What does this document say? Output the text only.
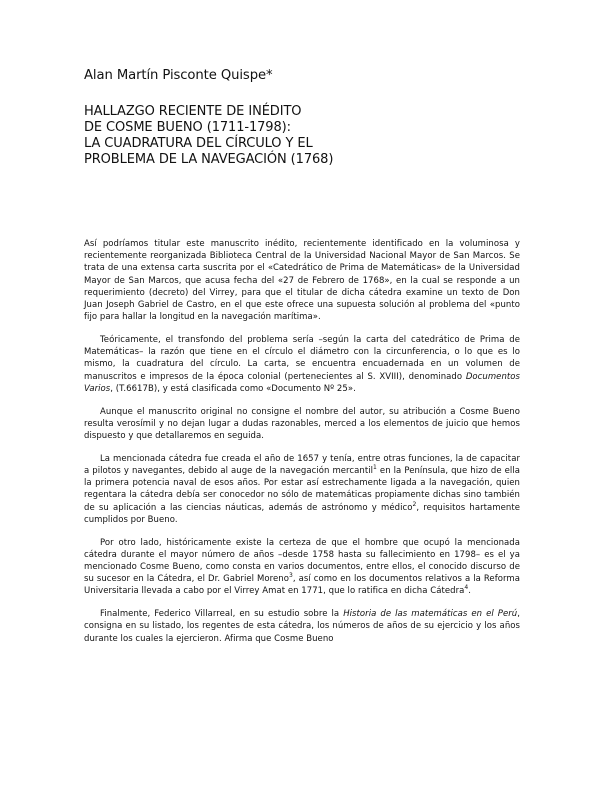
Alan Martín Pisconte Quispe*
HALLAZGO RECIENTE DE INÉDITO
DE COSME BUENO (1711-1798):
LA CUADRATURA DEL CÍRCULO Y EL
PROBLEMA DE LA NAVEGACIÓN (1768)

Así podríamos titular este manuscrito inédito, recientemente identificado en la voluminosa y recientemente reorganizada Biblioteca Central de la Universidad Nacional Mayor de San Marcos. Se trata de una extensa carta suscrita por el «Catedrático de Prima de Matemáticas» de la Universidad Mayor de San Marcos, que acusa fecha del «27 de Febrero de 1768», en la cual se responde a un requerimiento (decreto) del Virrey, para que el titular de dicha cátedra examine un texto de Don Juan Joseph Gabriel de Castro, en el que este ofrece una supuesta solución al problema del «punto fijo para hallar la longitud en la navegación marítima».

Teóricamente, el transfondo del problema sería –según la carta del catedrático de Prima de Matemáticas– la razón que tiene en el círculo el diámetro con la circunferencia, o lo que es lo mismo, la cuadratura del círculo. La carta, se encuentra encuadernada en un volumen de manuscritos e impresos de la época colonial (pertenecientes al S. XVIII), denominado Documentos Varios, (T.6617B), y está clasificada como «Documento Nº 25».

Aunque el manuscrito original no consigne el nombre del autor, su atribución a Cosme Bueno resulta verosímil y no dejan lugar a dudas razonables, merced a los elementos de juicio que hemos dispuesto y que detallaremos en seguida.

La mencionada cátedra fue creada el año de 1657 y tenía, entre otras funciones, la de capacitar a pilotos y navegantes, debido al auge de la navegación mercantil$^1$ en la Península, que hizo de ella la primera potencia naval de esos años. Por estar así estrechamente ligada a la navegación, quien regentara la cátedra debía ser conocedor no sólo de matemáticas propiamente dichas sino también de su aplicación a las ciencias náuticas, además de astrónomo y médico$^2$, requisitos hartamente cumplidos por Bueno.

Por otro lado, históricamente existe la certeza de que el hombre que ocupó la mencionada cátedra durante el mayor número de años –desde 1758 hasta su fallecimiento en 1798– es el ya mencionado Cosme Bueno, como consta en varios documentos, entre ellos, el conocido discurso de su sucesor en la Cátedra, el Dr. Gabriel Moreno$^3$, así como en los documentos relativos a la Reforma Universitaria llevada a cabo por el Virrey Amat en 1771, que lo ratifica en dicha Cátedra$^4$.

Finalmente, Federico Villarreal, en su estudio sobre la Historia de las matemáticas en el Perú, consigna en su listado, los regentes de esta cátedra, los números de años de su ejercicio y los años durante los cuales la ejercieron. Afirma que Cosme Bueno
